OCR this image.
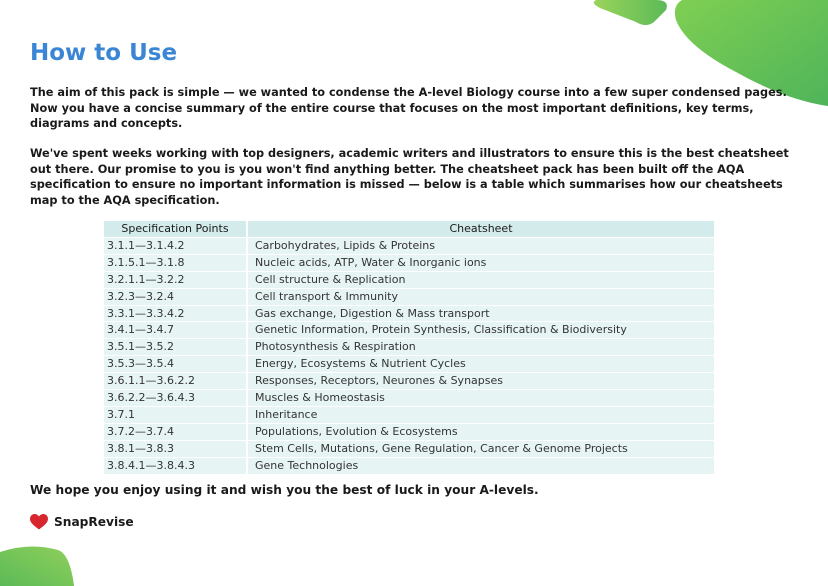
How to Use

The aim of this pack is simple — we wanted to condense the A-level Biology course into a few super condensed pages. Now you have a concise summary of the entire course that focuses on the most important definitions, key terms, diagrams and concepts.

We've spent weeks working with top designers, academic writers and illustrators to ensure this is the best cheatsheet out there. Our promise to you is you won't find anything better. The cheatsheet pack has been built off the AQA specification to ensure no important information is missed — below is a table which summarises how our cheatsheets map to the AQA specification.

Specification Points	Cheatsheet
3.1.1—3.1.4.2	Carbohydrates, Lipids & Proteins
3.1.5.1—3.1.8	Nucleic acids, ATP, Water & Inorganic ions
3.2.1.1—3.2.2	Cell structure & Replication
3.2.3—3.2.4	Cell transport & Immunity
3.3.1—3.3.4.2	Gas exchange, Digestion & Mass transport
3.4.1—3.4.7	Genetic Information, Protein Synthesis, Classification & Biodiversity
3.5.1—3.5.2	Photosynthesis & Respiration
3.5.3—3.5.4	Energy, Ecosystems & Nutrient Cycles
3.6.1.1—3.6.2.2	Responses, Receptors, Neurones & Synapses
3.6.2.2—3.6.4.3	Muscles & Homeostasis
3.7.1	Inheritance
3.7.2—3.7.4	Populations, Evolution & Ecosystems
3.8.1—3.8.3	Stem Cells, Mutations, Gene Regulation, Cancer & Genome Projects
3.8.4.1—3.8.4.3	Gene Technologies

We hope you enjoy using it and wish you the best of luck in your A-levels.

SnapRevise
